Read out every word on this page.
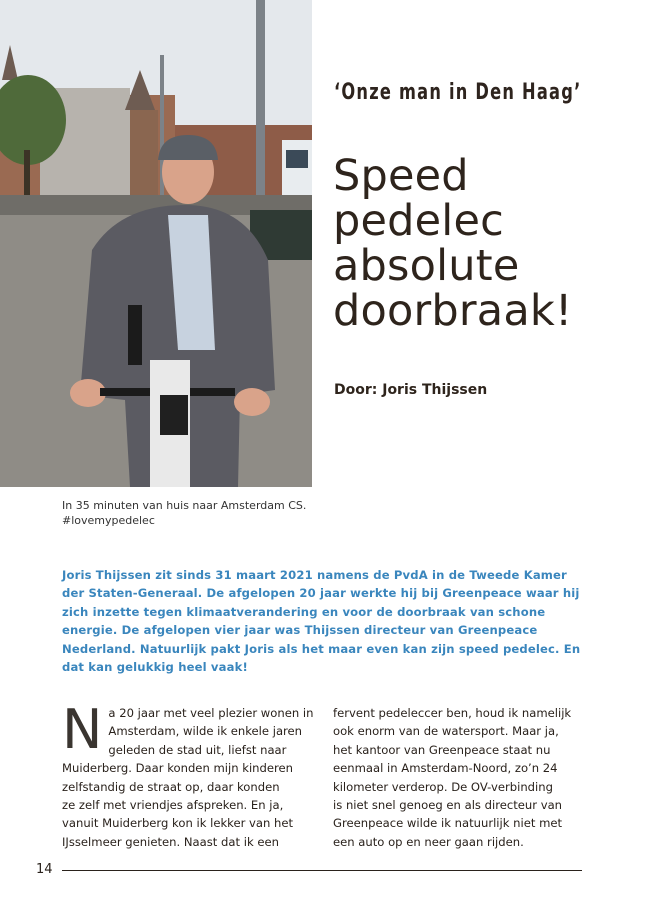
In 35 minuten van huis naar Amsterdam CS.
#lovemypedelec
‘Onze man in Den Haag’
Speed
pedelec
absolute
doorbraak!
Door: Joris Thijssen
Joris Thijssen zit sinds 31 maart 2021 namens de PvdA in de Tweede Kamer der Staten-Generaal. De afgelopen 20 jaar werkte hij bij Greenpeace waar hij zich inzette tegen klimaatverandering en voor de doorbraak van schone energie. De afgelopen vier jaar was Thijssen directeur van Greenpeace Nederland. Natuurlijk pakt Joris als het maar even kan zijn speed pedelec. En dat kan gelukkig heel vaak!
N a 20 jaar met veel plezier wonen in
Amsterdam, wilde ik enkele jaren
geleden de stad uit, liefst naar
Muiderberg. Daar konden mijn kinderen
zelfstandig de straat op, daar konden
ze zelf met vriendjes afspreken. En ja,
vanuit Muiderberg kon ik lekker van het
IJsselmeer genieten. Naast dat ik een
fervent pedeleccer ben, houd ik namelijk
ook enorm van de watersport. Maar ja,
het kantoor van Greenpeace staat nu
eenmaal in Amsterdam-Noord, zo’n 24
kilometer verderop. De OV-verbinding
is niet snel genoeg en als directeur van
Greenpeace wilde ik natuurlijk niet met
een auto op en neer gaan rijden.
14
